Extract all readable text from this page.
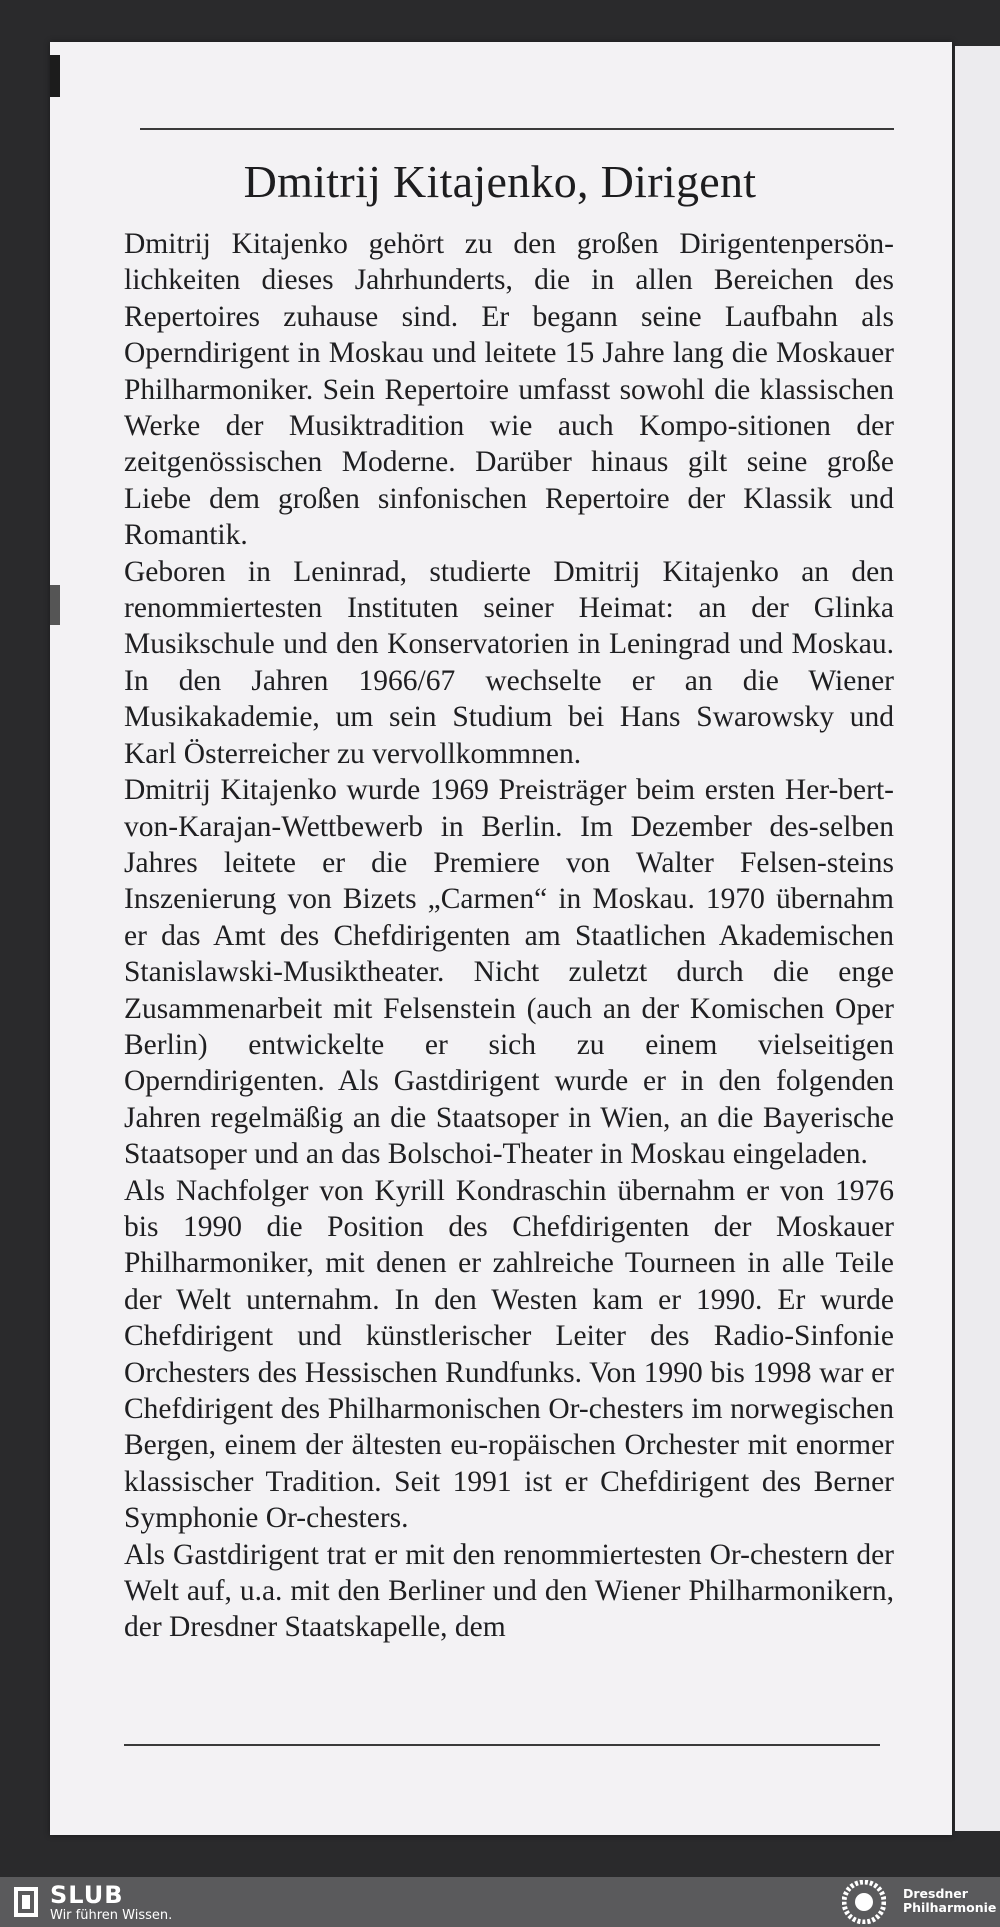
Dmitrij Kitajenko, Dirigent

Dmitrij Kitajenko gehört zu den großen Dirigentenpersön-lichkeiten dieses Jahrhunderts, die in allen Bereichen des Repertoires zuhause sind. Er begann seine Laufbahn als Operndirigent in Moskau und leitete 15 Jahre lang die Moskauer Philharmoniker. Sein Repertoire umfasst sowohl die klassischen Werke der Musiktradition wie auch Kompo-sitionen der zeitgenössischen Moderne. Darüber hinaus gilt seine große Liebe dem großen sinfonischen Repertoire der Klassik und Romantik.

Geboren in Leninrad, studierte Dmitrij Kitajenko an den renommiertesten Instituten seiner Heimat: an der Glinka Musikschule und den Konservatorien in Leningrad und Moskau. In den Jahren 1966/67 wechselte er an die Wiener Musikakademie, um sein Studium bei Hans Swarowsky und Karl Österreicher zu vervollkommnen.

Dmitrij Kitajenko wurde 1969 Preisträger beim ersten Her-bert-von-Karajan-Wettbewerb in Berlin. Im Dezember des-selben Jahres leitete er die Premiere von Walter Felsen-steins Inszenierung von Bizets „Carmen“ in Moskau. 1970 übernahm er das Amt des Chefdirigenten am Staatlichen Akademischen Stanislawski-Musiktheater. Nicht zuletzt durch die enge Zusammenarbeit mit Felsenstein (auch an der Komischen Oper Berlin) entwickelte er sich zu einem vielseitigen Operndirigenten. Als Gastdirigent wurde er in den folgenden Jahren regelmäßig an die Staatsoper in Wien, an die Bayerische Staatsoper und an das Bolschoi-Theater in Moskau eingeladen.

Als Nachfolger von Kyrill Kondraschin übernahm er von 1976 bis 1990 die Position des Chefdirigenten der Moskauer Philharmoniker, mit denen er zahlreiche Tourneen in alle Teile der Welt unternahm. In den Westen kam er 1990. Er wurde Chefdirigent und künstlerischer Leiter des Radio-Sinfonie Orchesters des Hessischen Rundfunks. Von 1990 bis 1998 war er Chefdirigent des Philharmonischen Or-chesters im norwegischen Bergen, einem der ältesten eu-ropäischen Orchester mit enormer klassischer Tradition. Seit 1991 ist er Chefdirigent des Berner Symphonie Or-chesters.

Als Gastdirigent trat er mit den renommiertesten Or-chestern der Welt auf, u.a. mit den Berliner und den Wiener Philharmonikern, der Dresdner Staatskapelle, dem

SLUB
Wir führen Wissen.
Dresdner
Philharmonie
